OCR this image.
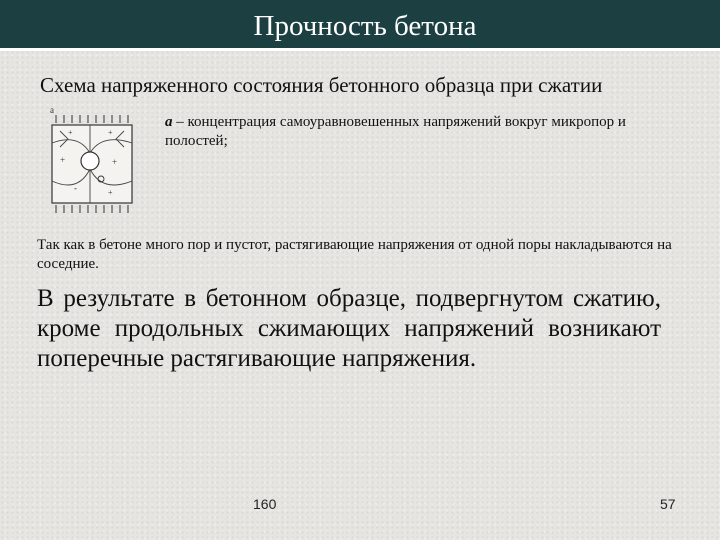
Прочность бетона
Схема напряженного состояния бетонного образца при сжатии
а
+	+
-
+	+
+
а – концентрация самоуравновешенных напряжений вокруг микропор и полостей;
Так как в бетоне много пор и пустот, растягивающие напряжения от одной поры накладываются на соседние.
В результате в бетонном образце, подвергнутом сжатию, кроме продольных сжимающих напряжений возникают поперечные растягивающие напряжения.
160	57
